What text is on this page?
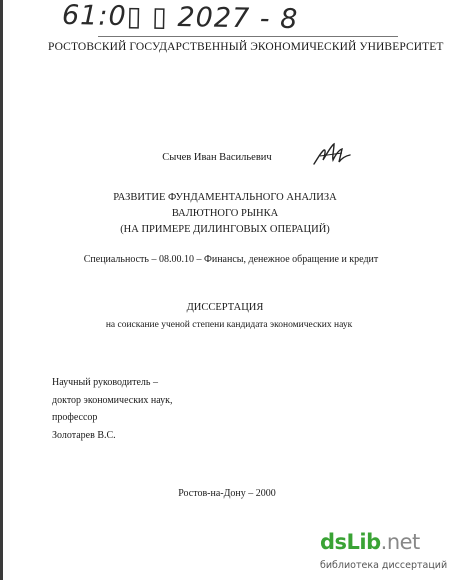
61:0▯ ▯ 2027 - 8
РОСТОВСКИЙ ГОСУДАРСТВЕННЫЙ ЭКОНОМИЧЕСКИЙ УНИВЕРСИТЕТ
Сычев Иван Васильевич
РАЗВИТИЕ ФУНДАМЕНТАЛЬНОГО АНАЛИЗА
ВАЛЮТНОГО РЫНКА
(НА ПРИМЕРЕ ДИЛИНГОВЫХ ОПЕРАЦИЙ)
Специальность – 08.00.10 – Финансы, денежное обращение и кредит
ДИССЕРТАЦИЯ
на соискание ученой степени кандидата экономических наук
Научный руководитель –
доктор экономических наук,
профессор
Золотарев В.С.
Ростов-на-Дону – 2000
dsLib.net
библиотека диссертаций
